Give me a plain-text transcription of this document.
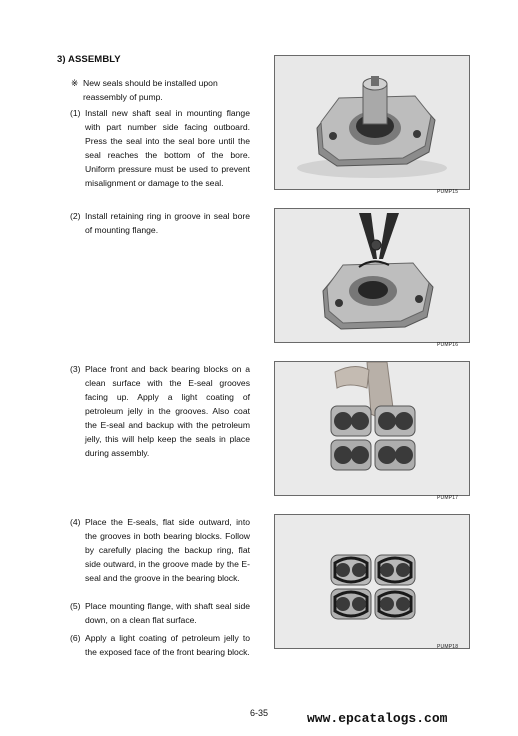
3) ASSEMBLY
※ New seals should be installed upon reassembly of pump.
(1) Install new shaft seal in mounting flange with part number side facing outboard. Press the seal into the seal bore until the seal reaches the bottom of the bore. Uniform pressure must be used to prevent misalignment or damage to the seal.
(2) Install retaining ring in groove in seal bore of mounting flange.
(3) Place front and back bearing blocks on a clean surface with the E-seal grooves facing up. Apply a light coating of petroleum jelly in the grooves. Also coat the E-seal and backup with the petroleum jelly, this will help keep the seals in place during assembly.
(4) Place the E-seals, flat side outward, into the grooves in both bearing blocks. Follow by carefully placing the backup ring, flat side outward, in the groove made by the E-seal and the groove in the bearing block.
(5) Place mounting flange, with shaft seal side down, on a clean flat surface.
(6) Apply a light coating of petroleum jelly to the exposed face of the front bearing block.
PUMP15
PUMP16
PUMP17
PUMP18
6-35	www.epcatalogs.com
